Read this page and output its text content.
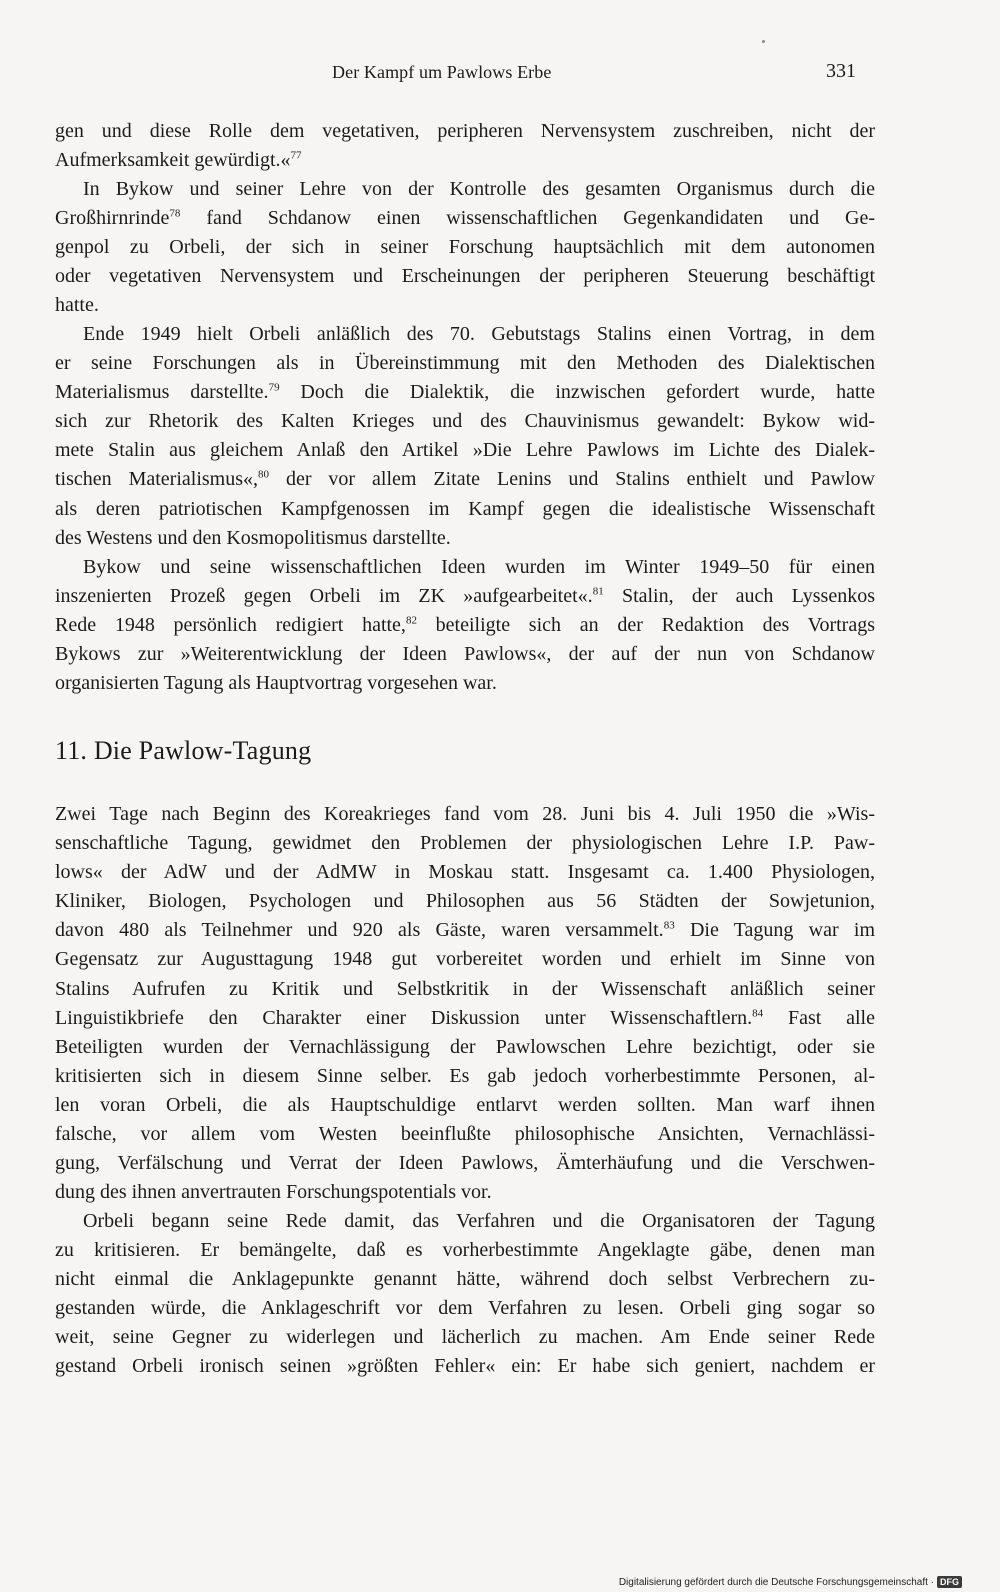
Der Kampf um Pawlows Erbe	331
gen und diese Rolle dem vegetativen, peripheren Nervensystem zuschreiben, nicht der
Aufmerksamkeit gewürdigt.«$^{77}$
In Bykow und seiner Lehre von der Kontrolle des gesamten Organismus durch die
Großhirnrinde$^{78}$ fand Schdanow einen wissenschaftlichen Gegenkandidaten und Ge-
genpol zu Orbeli, der sich in seiner Forschung hauptsächlich mit dem autonomen
oder vegetativen Nervensystem und Erscheinungen der peripheren Steuerung beschäftigt
hatte.
Ende 1949 hielt Orbeli anläßlich des 70. Gebutstags Stalins einen Vortrag, in dem
er seine Forschungen als in Übereinstimmung mit den Methoden des Dialektischen
Materialismus darstellte.$^{79}$ Doch die Dialektik, die inzwischen gefordert wurde, hatte
sich zur Rhetorik des Kalten Krieges und des Chauvinismus gewandelt: Bykow wid-
mete Stalin aus gleichem Anlaß den Artikel »Die Lehre Pawlows im Lichte des Dialek-
tischen Materialismus«,$^{80}$ der vor allem Zitate Lenins und Stalins enthielt und Pawlow
als deren patriotischen Kampfgenossen im Kampf gegen die idealistische Wissenschaft
des Westens und den Kosmopolitismus darstellte.
Bykow und seine wissenschaftlichen Ideen wurden im Winter 1949–50 für einen
inszenierten Prozeß gegen Orbeli im ZK »aufgearbeitet«.$^{81}$ Stalin, der auch Lyssenkos
Rede 1948 persönlich redigiert hatte,$^{82}$ beteiligte sich an der Redaktion des Vortrags
Bykows zur »Weiterentwicklung der Ideen Pawlows«, der auf der nun von Schdanow
organisierten Tagung als Hauptvortrag vorgesehen war.
11. Die Pawlow-Tagung
Zwei Tage nach Beginn des Koreakrieges fand vom 28. Juni bis 4. Juli 1950 die »Wis-
senschaftliche Tagung, gewidmet den Problemen der physiologischen Lehre I.P. Paw-
lows« der AdW und der AdMW in Moskau statt. Insgesamt ca. 1.400 Physiologen,
Kliniker, Biologen, Psychologen und Philosophen aus 56 Städten der Sowjetunion,
davon 480 als Teilnehmer und 920 als Gäste, waren versammelt.$^{83}$ Die Tagung war im
Gegensatz zur Augusttagung 1948 gut vorbereitet worden und erhielt im Sinne von
Stalins Aufrufen zu Kritik und Selbstkritik in der Wissenschaft anläßlich seiner
Linguistikbriefe den Charakter einer Diskussion unter Wissenschaftlern.$^{84}$ Fast alle
Beteiligten wurden der Vernachlässigung der Pawlowschen Lehre bezichtigt, oder sie
kritisierten sich in diesem Sinne selber. Es gab jedoch vorherbestimmte Personen, al-
len voran Orbeli, die als Hauptschuldige entlarvt werden sollten. Man warf ihnen
falsche, vor allem vom Westen beeinflußte philosophische Ansichten, Vernachlässi-
gung, Verfälschung und Verrat der Ideen Pawlows, Ämterhäufung und die Verschwen-
dung des ihnen anvertrauten Forschungspotentials vor.
Orbeli begann seine Rede damit, das Verfahren und die Organisatoren der Tagung
zu kritisieren. Er bemängelte, daß es vorherbestimmte Angeklagte gäbe, denen man
nicht einmal die Anklagepunkte genannt hätte, während doch selbst Verbrechern zu-
gestanden würde, die Anklageschrift vor dem Verfahren zu lesen. Orbeli ging sogar so
weit, seine Gegner zu widerlegen und lächerlich zu machen. Am Ende seiner Rede
gestand Orbeli ironisch seinen »größten Fehler« ein: Er habe sich geniert, nachdem er
Digitalisierung gefördert durch die Deutsche Forschungsgemeinschaft · DFG
